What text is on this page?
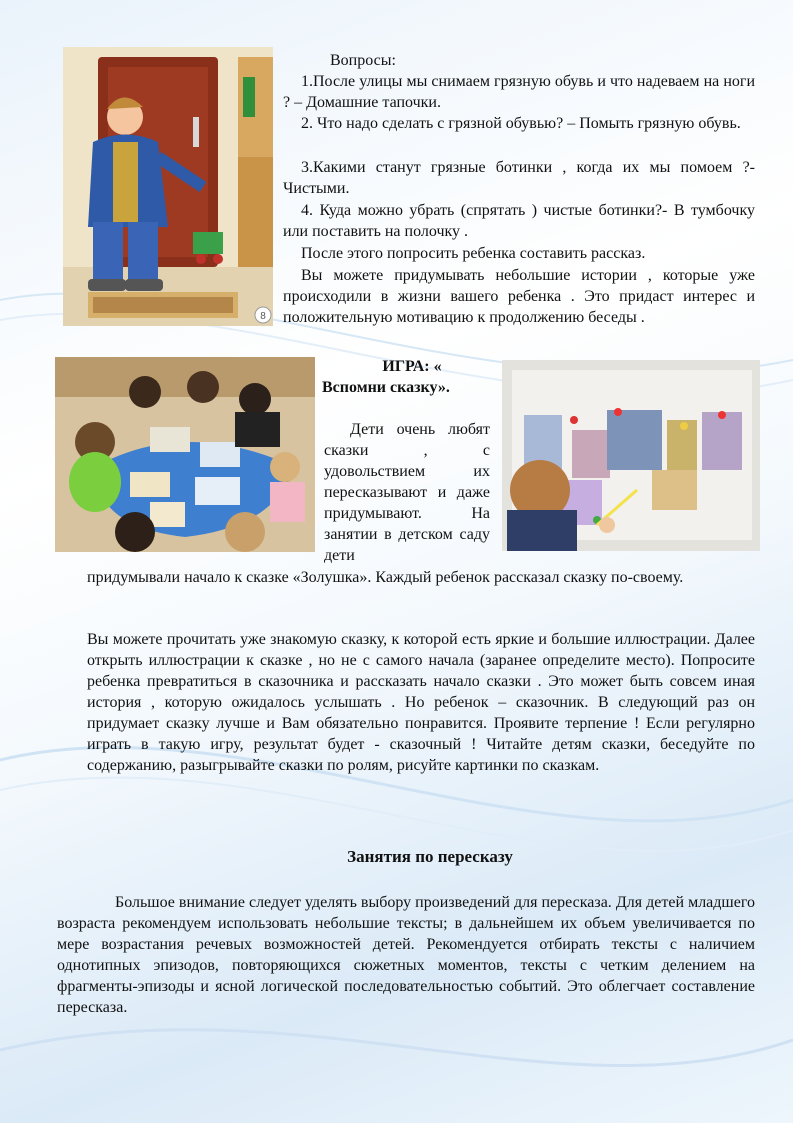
8
Вопросы:
1.После улицы мы снимаем грязную обувь и что надеваем на ноги ? – Домашние тапочки.
2. Что надо сделать с грязной обувью? – Помыть грязную обувь.
3.Какими станут грязные ботинки , когда их мы помоем ?- Чистыми.
4. Куда можно убрать (спрятать ) чистые ботинки?- В тумбочку или поставить на полочку .
После этого попросить ребенка составить рассказ.
Вы можете придумывать небольшие истории , которые уже происходили в жизни вашего ребенка . Это придаст интерес и положительную мотивацию к продолжению беседы .
ИГРА: «
Вспомни сказку».
Дети очень любят сказки , с удовольствием их пересказывают и даже придумывают. На занятии в детском саду дети
придумывали начало к сказке «Золушка». Каждый ребенок рассказал сказку по-своему.
Вы можете прочитать уже знакомую сказку, к которой есть яркие и большие иллюстрации. Далее открыть иллюстрации к сказке , но не с самого начала (заранее определите место). Попросите ребенка превратиться в сказочника и рассказать начало сказки . Это может быть совсем иная история , которую ожидалось услышать . Но ребенок – сказочник. В следующий раз он придумает сказку лучше и Вам обязательно понравится. Проявите терпение ! Если регулярно играть в такую игру, результат будет - сказочный ! Читайте детям сказки, беседуйте по содержанию, разыгрывайте сказки по ролям, рисуйте картинки по сказкам.
Занятия по пересказу
Большое внимание следует уделять выбору произведений для пересказа. Для детей младшего возраста рекомендуем использовать небольшие тексты; в дальнейшем их объем увеличивается по мере возрастания речевых возможностей детей. Рекомендуется отбирать тексты с наличием однотипных эпизодов, повторяющихся сюжетных моментов, тексты с четким делением на фрагменты-эпизоды и ясной логической последовательностью событий. Это облегчает составление пересказа.
